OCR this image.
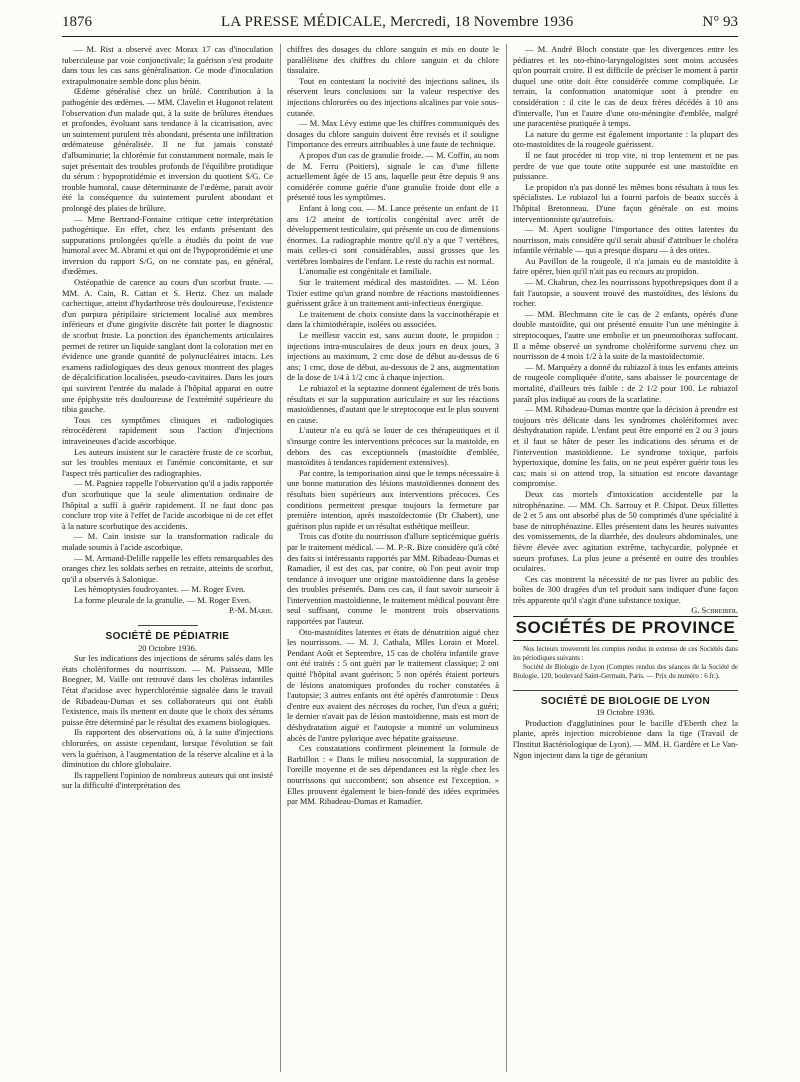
1876	LA PRESSE MÉDICALE, Mercredi, 18 Novembre 1936	N° 93

— M. Rist a observé avec Morax 17 cas d'inoculation tuberculeuse par voie conjonctivale; la guérison s'est produite dans tous les cas sans généralisation. Ce mode d'inoculation extrapulmonaire semble donc plus bénin.

Œdème généralisé chez un brûlé. Contribution à la pathogénie des œdèmes. — MM. Clavelin et Hugonot relatent l'observation d'un malade qui, à la suite de brûlures étendues et profondes, évoluant sans tendance à la cicatrisation, avec un suintement purulent très abondant, présenta une infiltration œdémateuse généralisée. Il ne fut jamais constaté d'albuminurie; la chlorémie fut constamment normale, mais le sujet présentait des troubles profonds de l'équilibre protidique du sérum : hypoprotidémie et inversion du quotient S/G. Ce trouble humoral, cause déterminante de l'œdème, parait avoir été la conséquence du suintement purulent abondant et prolongé des plaies de brûlure.

— Mme Bertrand-Fontaine critique cette interprétation pathogénique. En effet, chez les enfants présentant des suppurations prolongées qu'elle a étudiés du point de vue humoral avec M. Abrami et qui ont de l'hypoprotidémie et une inversion du rapport S/G, on ne constate pas, en général, d'œdèmes.

Ostéopathie de carence au cours d'un scorbut fruste. — MM. A. Cain, R. Cattan et S. Hertz. Chez un malade cachectique, atteint d'hydarthrose très douloureuse, l'existence d'un purpura péripilaire strictement localisé aux membres inférieurs et d'une gingivite discrète fait porter le diagnostic de scorbut fruste. La ponction des épanchements articulaires permet de retirer un liquide sanglant dont la coloration met en évidence une grande quantité de polynucléaires intacts. Les examens radiologiques des deux genoux montrent des plages de décalcification localisées, pseudo-cavitaires. Dans les jours qui suivirent l'entrée du malade à l'hôpital apparut en outre une épiphysite très douloureuse de l'extrémité supérieure du tibia gauche.

Tous ces symptômes cliniques et radiologiques rétrocédèrent rapidement sous l'action d'injections intraveineuses d'acide ascorbique.

Les auteurs insistent sur le caractère fruste de ce scorbut, sur les troubles mentaux et l'anémie concomitante, et sur l'aspect très particulier des radiographies.

— M. Pagniez rappelle l'observation qu'il a jadis rapportée d'un scorbutique que la seule alimentation ordinaire de l'hôpital a suffi à guérir rapidement. Il ne faut donc pas conclure trop vite à l'effet de l'acide ascorbique ni de cet effet à la nature scorbutique des accidents.

— M. Cain insiste sur la transformation radicale du malade soumis à l'acide ascorbique.

— M. Armand-Delille rappelle les effets remarquables des oranges chez les soldats serbes en retraite, atteints de scorbut, qu'il a observés à Salonique.

Les hémoptysies foudroyantes. — M. Roger Even.

La forme pleurale de la granulie. — M. Roger Even.

P.-M. Marie.

SOCIÉTÉ DE PÉDIATRIE

20 Octobre 1936.

Sur les indications des injections de sérums salés dans les états cholériformes du nourrisson. — M. Paisseau, Mlle Boegner, M. Vaille ont retrouvé dans les choléras infantiles l'état d'acidose avec hyperchlorémie signalée dans le travail de Ribadeau-Dumas et ses collaborateurs qui ont établi l'existence, mais ils mettent en doute que le choix des sérums puisse être déterminé par le résultat des examens biologiques.

Ils rapportent des observations où, à la suite d'injections chlorurées, on assiste cependant, lorsque l'évolution se fait vers la guérison, à l'augmentation de la réserve alcaline et à la diminution du chlore globulaire.

Ils rappellent l'opinion de nombreux auteurs qui ont insisté sur la difficulté d'interprétation des

chiffres des dosages du chlore sanguin et mis en doute le parallélisme des chiffres du chlore sanguin et du chlore tissulaire.

Tout en contestant la nocivité des injections salines, ils réservent leurs conclusions sur la valeur respective des injections chlorurées ou des injections alcalines par voie sous-cutanée.

— M. Max Lévy estime que les chiffres communiqués des dosages du chlore sanguin doivent être revisés et il souligne l'importance des erreurs attribuables à une faute de technique.

A propos d'un cas de granulie froide. — M. Coffin, au nom de M. Ferru (Poitiers), signale le cas d'une fillette actuellement âgée de 15 ans, laquelle peut être depuis 9 ans considérée comme guérie d'une granulie froide dont elle a présenté tous les symptômes.

Enfant à long cou. — M. Lance présente un enfant de 11 ans 1/2 atteint de torticolis congénital avec arrêt de développement testiculaire, qui présente un cou de dimensions énormes. La radiographie montre qu'il n'y a que 7 vertèbres, mais celles-ci sont considérables, aussi grosses que les vertèbres lombaires de l'enfant. Le reste du rachis est normal.

L'anomalie est congénitale et familiale.

Sur le traitement médical des mastoïdites. — M. Léon Tixier estime qu'un grand nombre de réactions mastoïdiennes guérissent grâce à un traitement anti-infectieux énergique.

Le traitement de choix consiste dans la vaccinothérapie et dans la chimiothérapie, isolées ou associées.

Le meilleur vaccin est, sans aucun doute, le propidon : injections intra-musculaires de deux jours en deux jours, 3 injections au maximum, 2 cmc dose de début au-dessus de 6 ans; 1 cmc, dose de début, au-dessous de 2 ans, augmentation de la dose de 1/4 à 1/2 cmc à chaque injection.

Le rubiazol et la septazine donnent également de très bons résultats et sur la suppuration auriculaire et sur les réactions mastoïdiennes, d'autant que le streptocoque est le plus souvent en cause.

L'auteur n'a eu qu'à se louer de ces thérapeutiques et il s'insurge contre les interventions précoces sur la mastoïde, en dehors des cas exceptionnels (mastoïdite d'emblée, mastoïdites à tendances rapidement extensives).

Par contre, la temporisation ainsi que le temps nécessaire à une bonne maturation des lésions mastoïdiennes donnent des résultats bien supérieurs aux interventions précoces. Ces conditions permettent presque toujours la fermeture par première intention, après mastoïdectomie (Dr Chabert), une guérison plus rapide et un résultat esthétique meilleur.

Trois cas d'otite du nourrisson d'allure septicémique guéris par le traitement médical. — M. P.-R. Bize considère qu'à côté des faits si intéressants rapportés par MM. Ribadeau-Dumas et Ramadier, il est des cas, par contre, où l'on peut avoir trop tendance à invoquer une origine mastoïdienne dans la genèse des troubles présentés. Dans ces cas, il faut savoir surseoir à l'intervention mastoïdienne, le traitement médical pouvant être seul suffisant, comme le montrent trois observations rapportées par l'auteur.

Oto-mastoïdites latentes et états de dénutrition aiguë chez les nourrissons. — M. J. Cathala, Mlles Lorain et Morel. Pendant Août et Septembre, 15 cas de choléra infantile grave ont été traités : 5 ont guéri par le traitement classique; 2 ont quitté l'hôpital avant guérison; 5 non opérés étaient porteurs de lésions anatomiques profondes du rocher constatées à l'autopsie; 3 autres enfants ont été opérés d'antrotomie : Deux d'entre eux avaient des nécroses du rocher, l'un d'eux a guéri; le dernier n'avait pas de lésion mastoïdienne, mais est mort de déshydratation aiguë et l'autopsie a montré un volumineux abcès de l'antre pylorique avec hépatite graisseuse.

Ces constatations confirment pleinement la formule de Barbillon : « Dans le milieu nosocomial, la suppuration de l'oreille moyenne et de ses dépendances est la règle chez les nourrissons qui succombent; son absence est l'exception. » Elles prouvent également le bien-fondé des idées exprimées par MM. Ribadeau-Dumas et Ramadier.

— M. André Bloch constate que les divergences entre les pédiatres et les oto-rhino-laryngologistes sont moins accusées qu'on pourrait croire. Il est difficile de préciser le moment à partir duquel une otite doit être considérée comme compliquée. Le terrain, la conformation anatomique sont à prendre en considération : il cite le cas de deux frères décédés à 10 ans d'intervalle, l'un et l'autre d'une oto-méningite d'emblée, malgré une paracentèse pratiquée à temps.

La nature du germe est également importante : la plupart des oto-mastoïdites de la rougeole guérissent.

Il ne faut procéder ni trop vite, ni trop lentement et ne pas perdre de vue que toute otite suppurée est une mastoïdite en puissance.

Le propidon n'a pas donné les mêmes bons résultats à tous les spécialistes. Le rubiazol lui a fourni parfois de beaux succès à l'hôpital Bretonneau. D'une façon générale on est moins interventionniste qu'autrefois.

— M. Apert souligne l'importance des otites latentes du nourrisson, mais considère qu'il serait abusif d'attribuer le choléra infantile véritable — qui a presque disparu — à des otites.

Au Pavillon de la rougeole, il n'a jamais eu de mastoïdite à faire opérer, bien qu'il n'ait pas eu recours au propidon.

— M. Chabrun, chez les nourrissons hypothrepsiques dont il a fait l'autopsie, a souvent trouvé des mastoïdites, des lésions du rocher.

— MM. Blechmann cite le cas de 2 enfants, opérés d'une double mastoïdite, qui ont présenté ensuite l'un une méningite à streptocoques, l'autre une embolie et un pneumothorax suffocant. Il a même observé un syndrome cholériforme survenu chez un nourrisson de 4 mois 1/2 à la suite de la mastoïdectomie.

— M. Marquézy a donné du rubiazol à tous les enfants atteints de rougeole compliquée d'otite, sans abaisser le pourcentage de mortalité, d'ailleurs très faible : de 2 1/2 pour 100. Le rubiazol paraît plus indiqué au cours de la scarlatine.

— MM. Ribadeau-Dumas montre que la décision à prendre est toujours très délicate dans les syndromes cholériformes avec déshydratation rapide. L'enfant peut être emporté en 2 ou 3 jours et il faut se hâter de peser les indications des sérums et de l'intervention mastoïdienne. Le syndrome toxique, parfois hypertoxique, domine les faits, on ne peut espérer guérir tous les cas; mais si on attend trop, la situation est encore davantage compromise.

Deux cas mortels d'intoxication accidentelle par la nitrophénazine. — MM. Ch. Sarrouy et P. Chipot. Deux fillettes de 2 et 5 ans ont absorbé plus de 50 comprimés d'une spécialité à base de nitrophénazine. Elles présentent dans les heures suivantes des vomissements, de la diarrhée, des douleurs abdominales, une fièvre élevée avec agitation extrême, tachycardie, polypnée et sueurs profuses. La plus jeune a présenté en outre des troubles oculaires.

Ces cas montrent la nécessité de ne pas livrer au public des boîtes de 300 dragées d'un tel produit sans indiquer d'une façon très apparente qu'il s'agit d'une substance toxique.

G. Schreiber.

SOCIÉTÉS DE PROVINCE

Nos lecteurs trouveront les comptes rendus in extenso de ces Sociétés dans les périodiques suivants :

Société de Biologie de Lyon (Comptes rendus des séances de la Société de Biologie, 120, boulevard Saint-Germain, Paris. — Prix du numéro : 6 fr.).

SOCIÉTÉ DE BIOLOGIE DE LYON

19 Octobre 1936.

Production d'agglutinines pour le bacille d'Eberth chez la plante, après injection microbienne dans la tige (Travail de l'Institut Bactériologique de Lyon). — MM. H. Gardère et Le Van-Ngon injectent dans la tige de géranium
